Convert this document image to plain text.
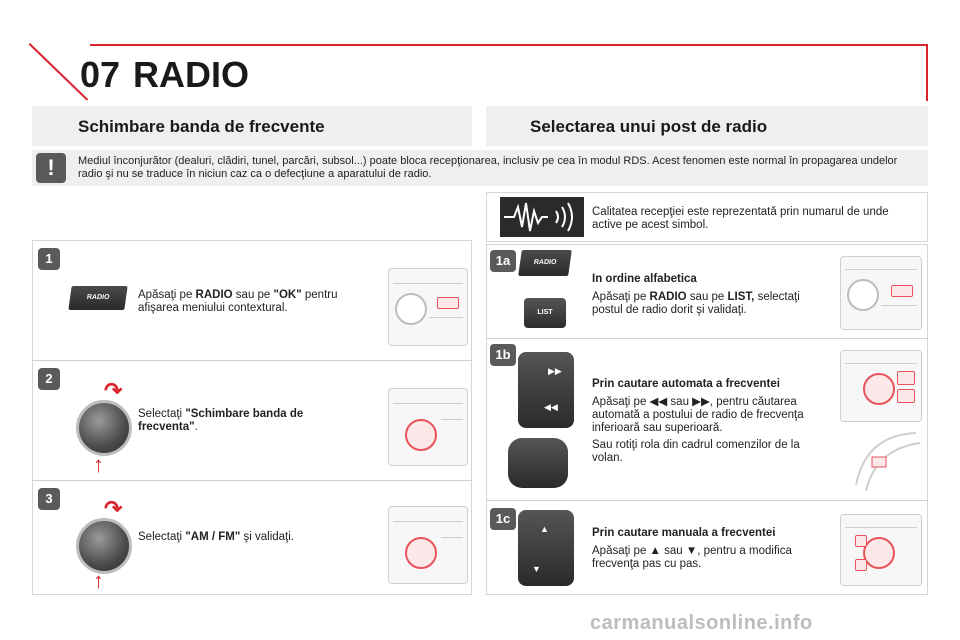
07 RADIO
Schimbare banda de frecvente	Selectarea unui post de radio
!	Mediul înconjurător (dealuri, clădiri, tunel, parcări, subsol...) poate bloca recepţionarea, inclusiv pe cea în modul RDS. Acest fenomen este normal în propagarea undelor radio şi nu se traduce în niciun caz ca o defecţiune a aparatului de radio.
1
RADIO	Apăsaţi pe RADIO sau pe "OK" pentru afişarea meniului contextural.
2	↷
↑
Selectaţi "Schimbare banda de frecventa".
3	↷
↑
Selectaţi "AM / FM" şi validaţi.
Calitatea recepţiei este reprezentată prin numarul de unde active pe acest simbol.
1a	RADIO
LIST
In ordine alfabetica
Apăsaţi pe RADIO sau pe LIST, selectaţi postul de radio dorit şi validaţi.
1b
▶▶
◀◀
Prin cautare automata a frecventei
Apăsaţi pe ◀◀ sau ▶▶, pentru căutarea automată a postului de radio de frecvenţa inferioară sau superioară.
Sau rotiţi rola din cadrul comenzilor de la volan.
1c
▲
▼
Prin cautare manuala a frecventei
Apăsaţi pe ▲ sau ▼, pentru a modifica frecvenţa pas cu pas.
carmanualsonline.info
